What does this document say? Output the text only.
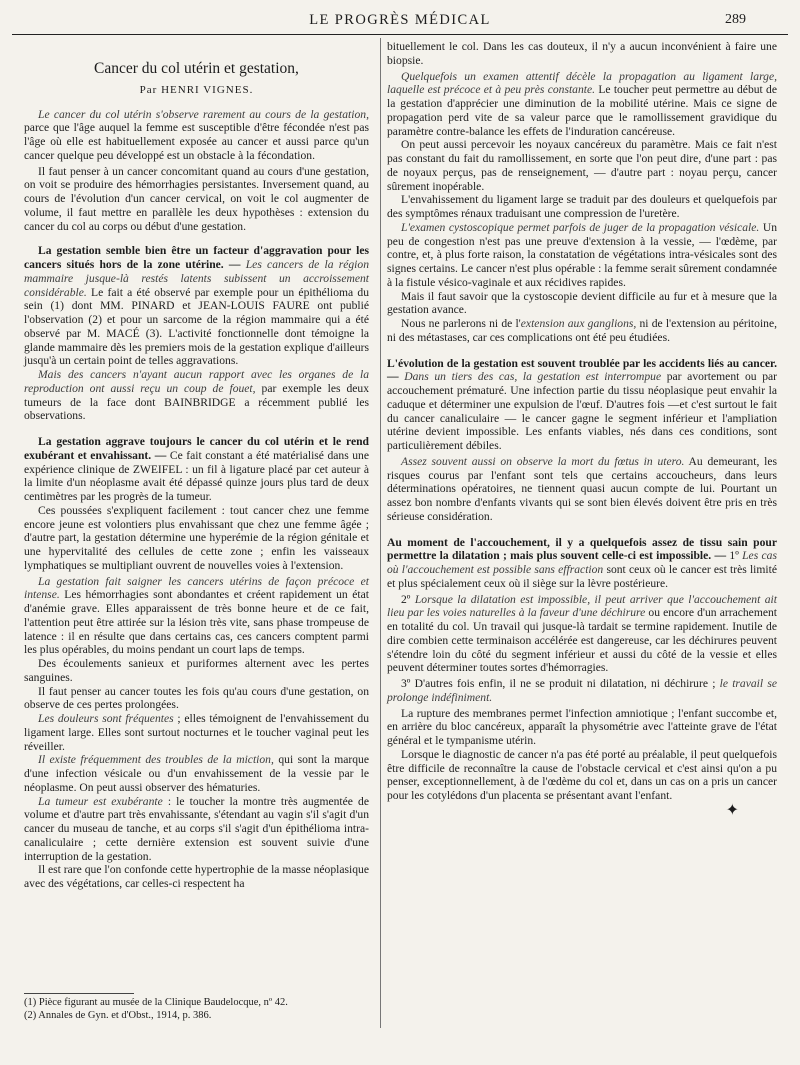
LE PROGRÈS MÉDICAL	289

Cancer du col utérin et gestation,

Par HENRI VIGNES.

Le cancer du col utérin s'observe rarement au cours de la gestation, parce que l'âge auquel la femme est susceptible d'être fécondée n'est pas l'âge où elle est habituellement exposée au cancer et aussi parce qu'un cancer quelque peu développé est un obstacle à la fécondation.

Il faut penser à un cancer concomitant quand au cours d'une gestation, on voit se produire des hémorrhagies persistantes. Inversement quand, au cours de l'évolution d'un cancer cervical, on voit le col augmenter de volume, il faut mettre en parallèle les deux hypothèses : extension du cancer du col au corps ou début d'une gestation.

La gestation semble bien être un facteur d'aggravation pour les cancers situés hors de la zone utérine. — Les cancers de la région mammaire jusque-là restés latents subissent un accroissement considérable. Le fait a été observé par exemple pour un épithélioma du sein (1) dont MM. PINARD et JEAN-LOUIS FAURE ont publié l'observation (2) et pour un sarcome de la région mammaire qui a été observé par M. MACÉ (3). L'activité fonctionnelle dont témoigne la glande mammaire dès les premiers mois de la gestation explique d'ailleurs jusqu'à un certain point de telles aggravations.

Mais des cancers n'ayant aucun rapport avec les organes de la reproduction ont aussi reçu un coup de fouet, par exemple les deux tumeurs de la face dont BAINBRIDGE a récemment publié les observations.

La gestation aggrave toujours le cancer du col utérin et le rend exubérant et envahissant. — Ce fait constant a été matérialisé dans une expérience clinique de ZWEIFEL : un fil à ligature placé par cet auteur à la limite d'un néoplasme avait été dépassé quinze jours plus tard de deux centimètres par les progrès de la tumeur.

Ces poussées s'expliquent facilement : tout cancer chez une femme encore jeune est volontiers plus envahissant que chez une femme âgée ; d'autre part, la gestation détermine une hyperémie de la région génitale et une hypervitalité des cellules de cette zone ; enfin les vaisseaux lymphatiques se multipliant ouvrent de nouvelles voies à l'extension.

La gestation fait saigner les cancers utérins de façon précoce et intense. Les hémorrhagies sont abondantes et créent rapidement un état d'anémie grave. Elles apparaissent de très bonne heure et de ce fait, l'attention peut être attirée sur la lésion très vite, sans phase trompeuse de latence : il en résulte que dans certains cas, ces cancers comptent parmi les plus opérables, du moins pendant un court laps de temps.

Des écoulements sanieux et puriformes alternent avec les pertes sanguines.

Il faut penser au cancer toutes les fois qu'au cours d'une gestation, on observe de ces pertes prolongées.

Les douleurs sont fréquentes ; elles témoignent de l'envahissement du ligament large. Elles sont surtout nocturnes et le toucher vaginal peut les réveiller.

Il existe fréquemment des troubles de la miction, qui sont la marque d'une infection vésicale ou d'un envahissement de la vessie par le néoplasme. On peut aussi observer des hématuries.

La tumeur est exubérante : le toucher la montre très augmentée de volume et d'autre part très envahissante, s'étendant au vagin s'il s'agit d'un cancer du museau de tanche, et au corps s'il s'agit d'un épithélioma intra-canaliculaire ; cette dernière extension est souvent suivie d'une interruption de la gestation.

Il est rare que l'on confonde cette hypertrophie de la masse néoplasique avec des végétations, car celles-ci respectent ha

bituellement le col. Dans les cas douteux, il n'y a aucun inconvénient à faire une biopsie.

Quelquefois un examen attentif décèle la propagation au ligament large, laquelle est précoce et à peu près constante. Le toucher peut permettre au début de la gestation d'apprécier une diminution de la mobilité utérine. Mais ce signe de propagation perd vite de sa valeur parce que le ramollissement gravidique du paramètre contre-balance les effets de l'induration cancéreuse.

On peut aussi percevoir les noyaux cancéreux du paramètre. Mais ce fait n'est pas constant du fait du ramollissement, en sorte que l'on peut dire, d'une part : pas de noyaux perçus, pas de renseignement, — d'autre part : noyau perçu, cancer sûrement inopérable.

L'envahissement du ligament large se traduit par des douleurs et quelquefois par des symptômes rénaux traduisant une compression de l'uretère.

L'examen cystoscopique permet parfois de juger de la propagation vésicale. Un peu de congestion n'est pas une preuve d'extension à la vessie, — l'œdème, par contre, et, à plus forte raison, la constatation de végétations intra-vésicales sont des signes certains. Le cancer n'est plus opérable : la femme serait sûrement condamnée à la fistule vésico-vaginale et aux récidives rapides.

Mais il faut savoir que la cystoscopie devient difficile au fur et à mesure que la gestation avance.

Nous ne parlerons ni de l'extension aux ganglions, ni de l'extension au péritoine, ni des métastases, car ces complications ont été peu étudiées.

L'évolution de la gestation est souvent troublée par les accidents liés au cancer. — Dans un tiers des cas, la gestation est interrompue par avortement ou par accouchement prématuré. Une infection partie du tissu néoplasique peut envahir la caduque et déterminer une expulsion de l'œuf. D'autres fois —et c'est surtout le fait du cancer canaliculaire — le cancer gagne le segment inférieur et l'ampliation utérine devient impossible. Les enfants viables, nés dans ces conditions, sont particulièrement débiles.

Assez souvent aussi on observe la mort du fœtus in utero. Au demeurant, les risques courus par l'enfant sont tels que certains accoucheurs, dans leurs déterminations opératoires, ne tiennent quasi aucun compte de lui. Pourtant un assez bon nombre d'enfants vivants qui se sont bien élevés doivent être pris en très sérieuse considération.

Au moment de l'accouchement, il y a quelquefois assez de tissu sain pour permettre la dilatation ; mais plus souvent celle-ci est impossible. — 1º Les cas où l'accouchement est possible sans effraction sont ceux où le cancer est très limité et plus spécialement ceux où il siège sur la lèvre postérieure.

2º Lorsque la dilatation est impossible, il peut arriver que l'accouchement ait lieu par les voies naturelles à la faveur d'une déchirure ou encore d'un arrachement en totalité du col. Un travail qui jusque-là tardait se termine rapidement. Inutile de dire combien cette terminaison accélérée est dangereuse, car les déchirures peuvent s'étendre loin du côté du segment inférieur et aussi du côté de la vessie et elles peuvent déterminer toutes sortes d'hémorragies.

3º D'autres fois enfin, il ne se produit ni dilatation, ni déchirure ; le travail se prolonge indéfiniment.

La rupture des membranes permet l'infection amniotique ; l'enfant succombe et, en arrière du bloc cancéreux, apparaît la physométrie avec l'atteinte grave de l'état général et le tympanisme utérin.

Lorsque le diagnostic de cancer n'a pas été porté au préalable, il peut quelquefois être difficile de reconnaître la cause de l'obstacle cervical et c'est ainsi qu'on a pu penser, exceptionnellement, à de l'œdème du col et, dans un cas on a pris un cancer pour les cotylédons d'un placenta se présentant avant l'enfant.

✦

(1) Pièce figurant au musée de la Clinique Baudelocque, nº 42.
(2) Annales de Gyn. et d'Obst., 1914, p. 386.
